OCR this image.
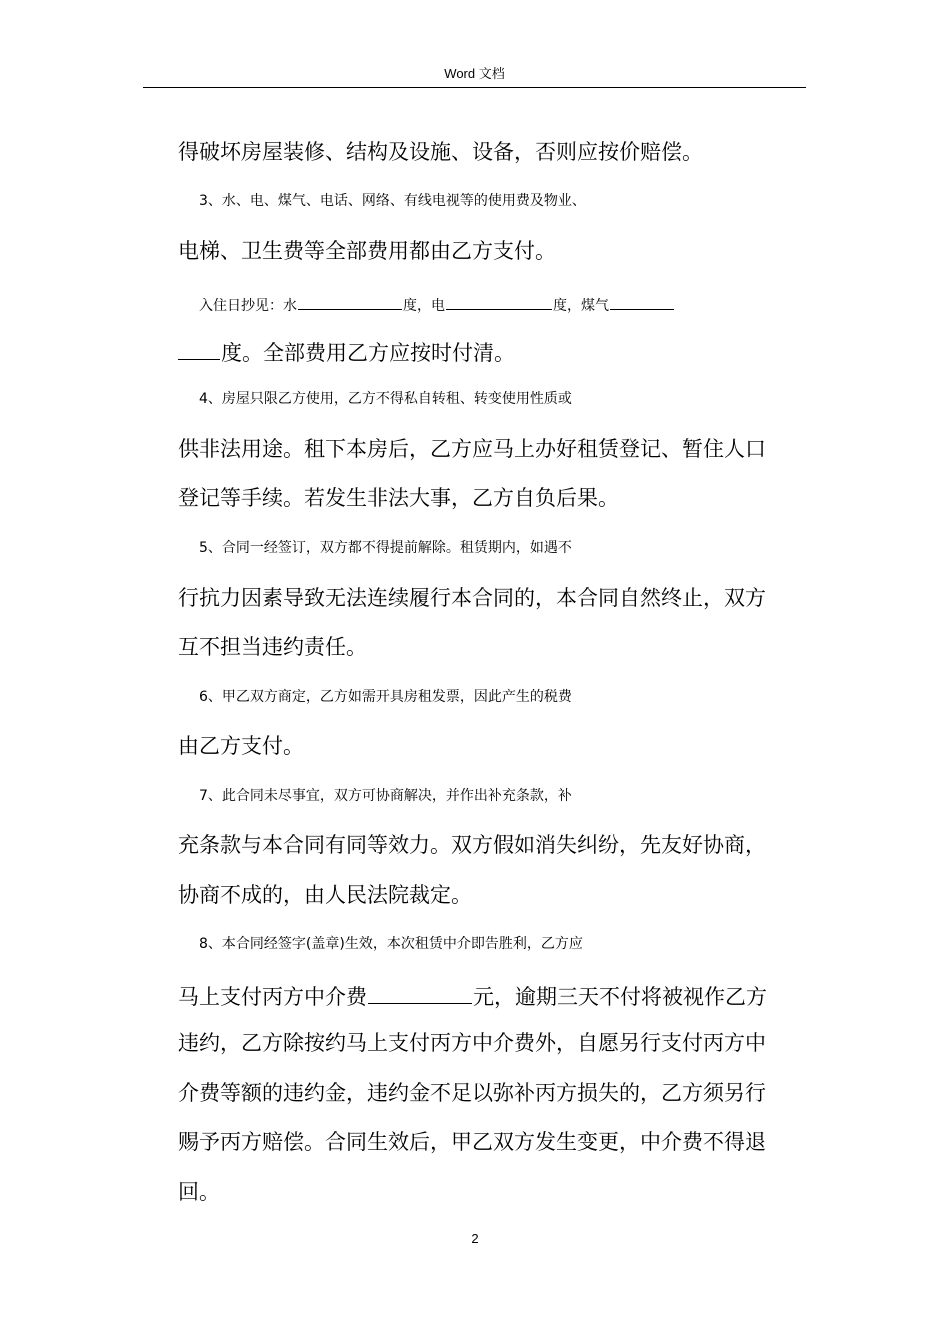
Word 文档
得破坏房屋装修、结构及设施、设备，否则应按价赔偿。
3、水、电、煤气、电话、网络、有线电视等的使用费及物业、
电梯、卫生费等全部费用都由乙方支付。
入住日抄见：水	度，电	度，煤气
度。全部费用乙方应按时付清。
4、房屋只限乙方使用，乙方不得私自转租、转变使用性质或
供非法用途。租下本房后，乙方应马上办好租赁登记、暂住人口
登记等手续。若发生非法大事，乙方自负后果。
5、合同一经签订，双方都不得提前解除。租赁期内，如遇不
行抗力因素导致无法连续履行本合同的，本合同自然终止，双方
互不担当违约责任。
6、甲乙双方商定，乙方如需开具房租发票，因此产生的税费
由乙方支付。
7、此合同未尽事宜，双方可协商解决，并作出补充条款，补
充条款与本合同有同等效力。双方假如消失纠纷，先友好协商，
协商不成的，由人民法院裁定。
8、本合同经签字(盖章)生效，本次租赁中介即告胜利，乙方应
马上支付丙方中介费	元，逾期三天不付将被视作乙方
违约，乙方除按约马上支付丙方中介费外，自愿另行支付丙方中
介费等额的违约金，违约金不足以弥补丙方损失的，乙方须另行
赐予丙方赔偿。合同生效后，甲乙双方发生变更，中介费不得退
回。
2
